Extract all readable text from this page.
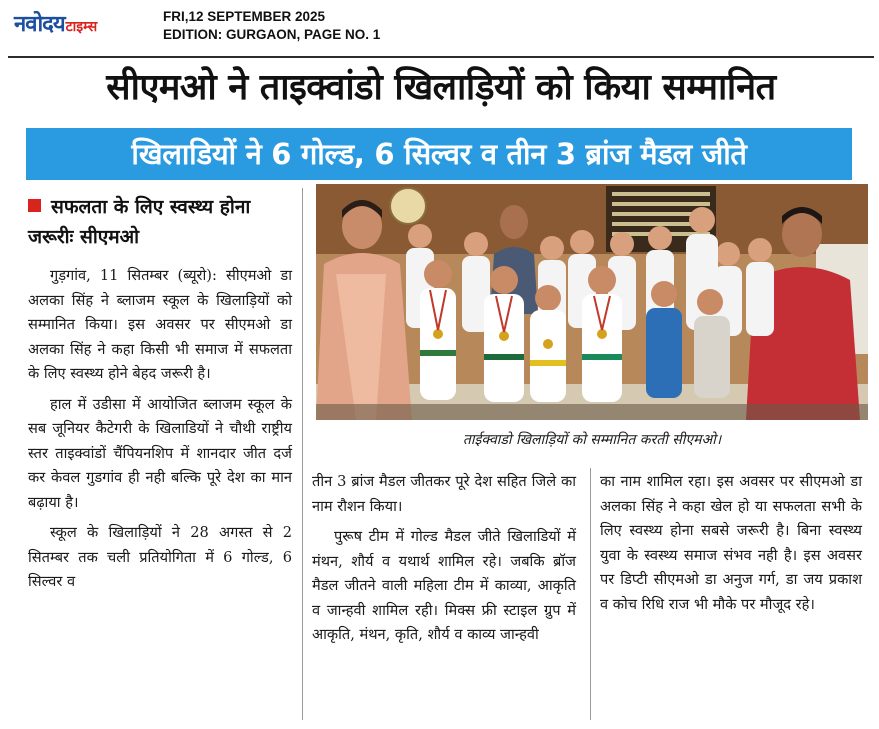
नवोदय टाइम्स
FRI,12 SEPTEMBER 2025
EDITION: GURGAON, PAGE NO. 1
सीएमओ ने ताइक्वांडो खिलाड़ियों को किया सम्मानित
खिलाडियों ने 6 गोल्ड, 6 सिल्वर व तीन 3 ब्रांज मैडल जीते
सफलता के लिए स्वस्थ्य होना जरूरीः सीएमओ

गुड़गांव, 11 सितम्बर (ब्यूरो): सीएमओ डा अलका सिंह ने ब्लाजम स्कूल के खिलाड़ियों को सम्मानित किया। इस अवसर पर सीएमओ डा अलका सिंह ने कहा किसी भी समाज में सफलता के लिए स्वस्थ्य होने बेहद जरूरी है।

हाल में उडीसा में आयोजित ब्लाजम स्कूल के सब जूनियर कैटेगरी के खिलाडियों ने चौथी राष्ट्रीय स्तर ताइक्वांडों चैंपियनशिप में शानदार जीत दर्ज कर केवल गुडगांव ही नही बल्कि पूरे देश का मान बढ़ाया है।

स्कूल के खिलाड़ियों ने 28 अगस्त से 2 सितम्बर तक चली प्रतियोगिता में 6 गोल्ड, 6 सिल्वर व

ताईक्वाडो खिलाड़ियों को सम्मानित करती सीएमओ।

तीन 3 ब्रांज मैडल जीतकर पूरे देश सहित जिले का नाम रौशन किया।

पुरूष टीम में गोल्ड मैडल जीते खिलाडियों में मंथन, शौर्य व यथार्थ शामिल रहे। जबकि ब्रॉज मैडल जीतने वाली महिला टीम में काव्या, आकृति व जान्हवी शामिल रही। मिक्स फ्री स्टाइल ग्रुप में आकृति, मंथन, कृति, शौर्य व काव्य जान्हवी

का नाम शामिल रहा। इस अवसर पर सीएमओ डा अलका सिंह ने कहा खेल हो या सफलता सभी के लिए स्वस्थ्य होना सबसे जरूरी है। बिना स्वस्थ्य युवा के स्वस्थ्य समाज संभव नही है। इस अवसर पर डिप्टी सीएमओ डा अनुज गर्ग, डा जय प्रकाश व कोच रिधि राज भी मौके पर मौजूद रहे।
